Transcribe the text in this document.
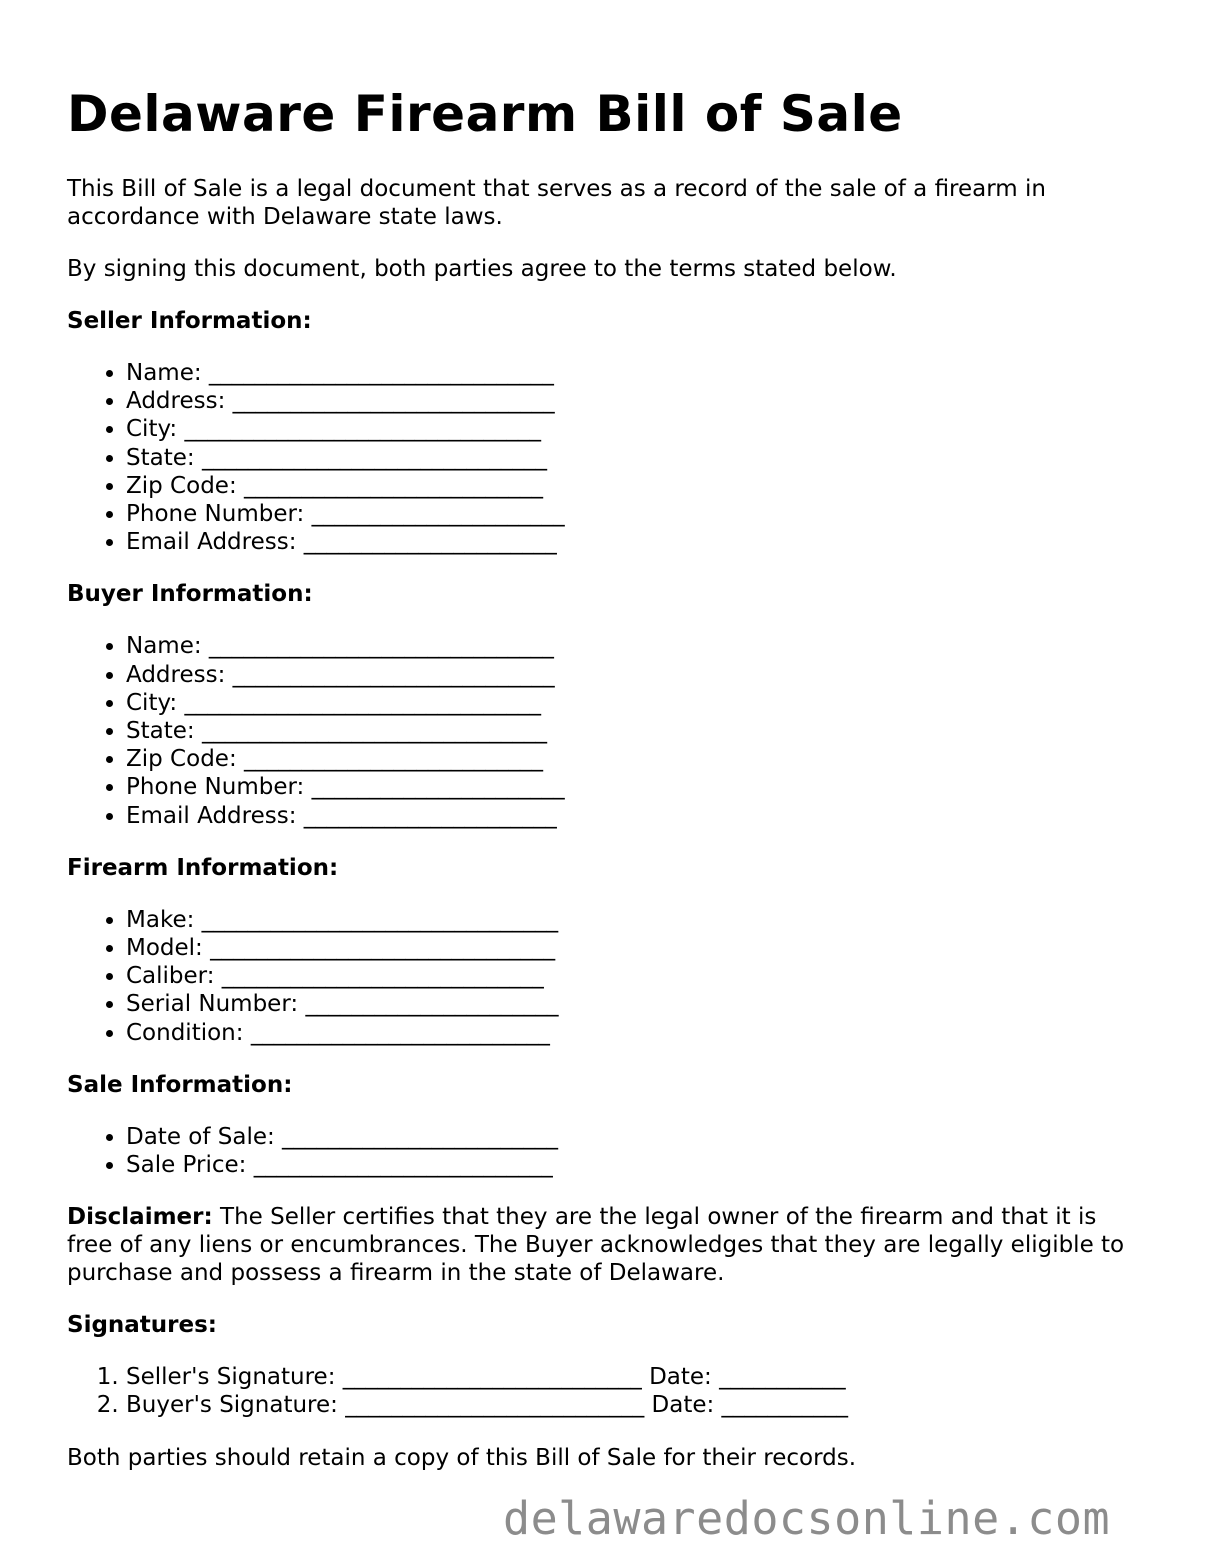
Delaware Firearm Bill of Sale

This Bill of Sale is a legal document that serves as a record of the sale of a firearm in accordance with Delaware state laws.

By signing this document, both parties agree to the terms stated below.

Seller Information:
• Name: ______________________________
• Address: ____________________________
• City: _______________________________
• State: ______________________________
• Zip Code: __________________________
• Phone Number: ______________________
• Email Address: ______________________
Buyer Information:
• Name: ______________________________
• Address: ____________________________
• City: _______________________________
• State: ______________________________
• Zip Code: __________________________
• Phone Number: ______________________
• Email Address: ______________________
Firearm Information:
• Make: _______________________________
• Model: ______________________________
• Caliber: ____________________________
• Serial Number: ______________________
• Condition: __________________________
Sale Information:
• Date of Sale: ________________________
• Sale Price: __________________________

Disclaimer: The Seller certifies that they are the legal owner of the firearm and that it is free of any liens or encumbrances. The Buyer acknowledges that they are legally eligible to purchase and possess a firearm in the state of Delaware.

Signatures:
1. Seller's Signature: __________________________ Date: ___________
2. Buyer's Signature: __________________________ Date: ___________

Both parties should retain a copy of this Bill of Sale for their records.

delawaredocsonline.com
